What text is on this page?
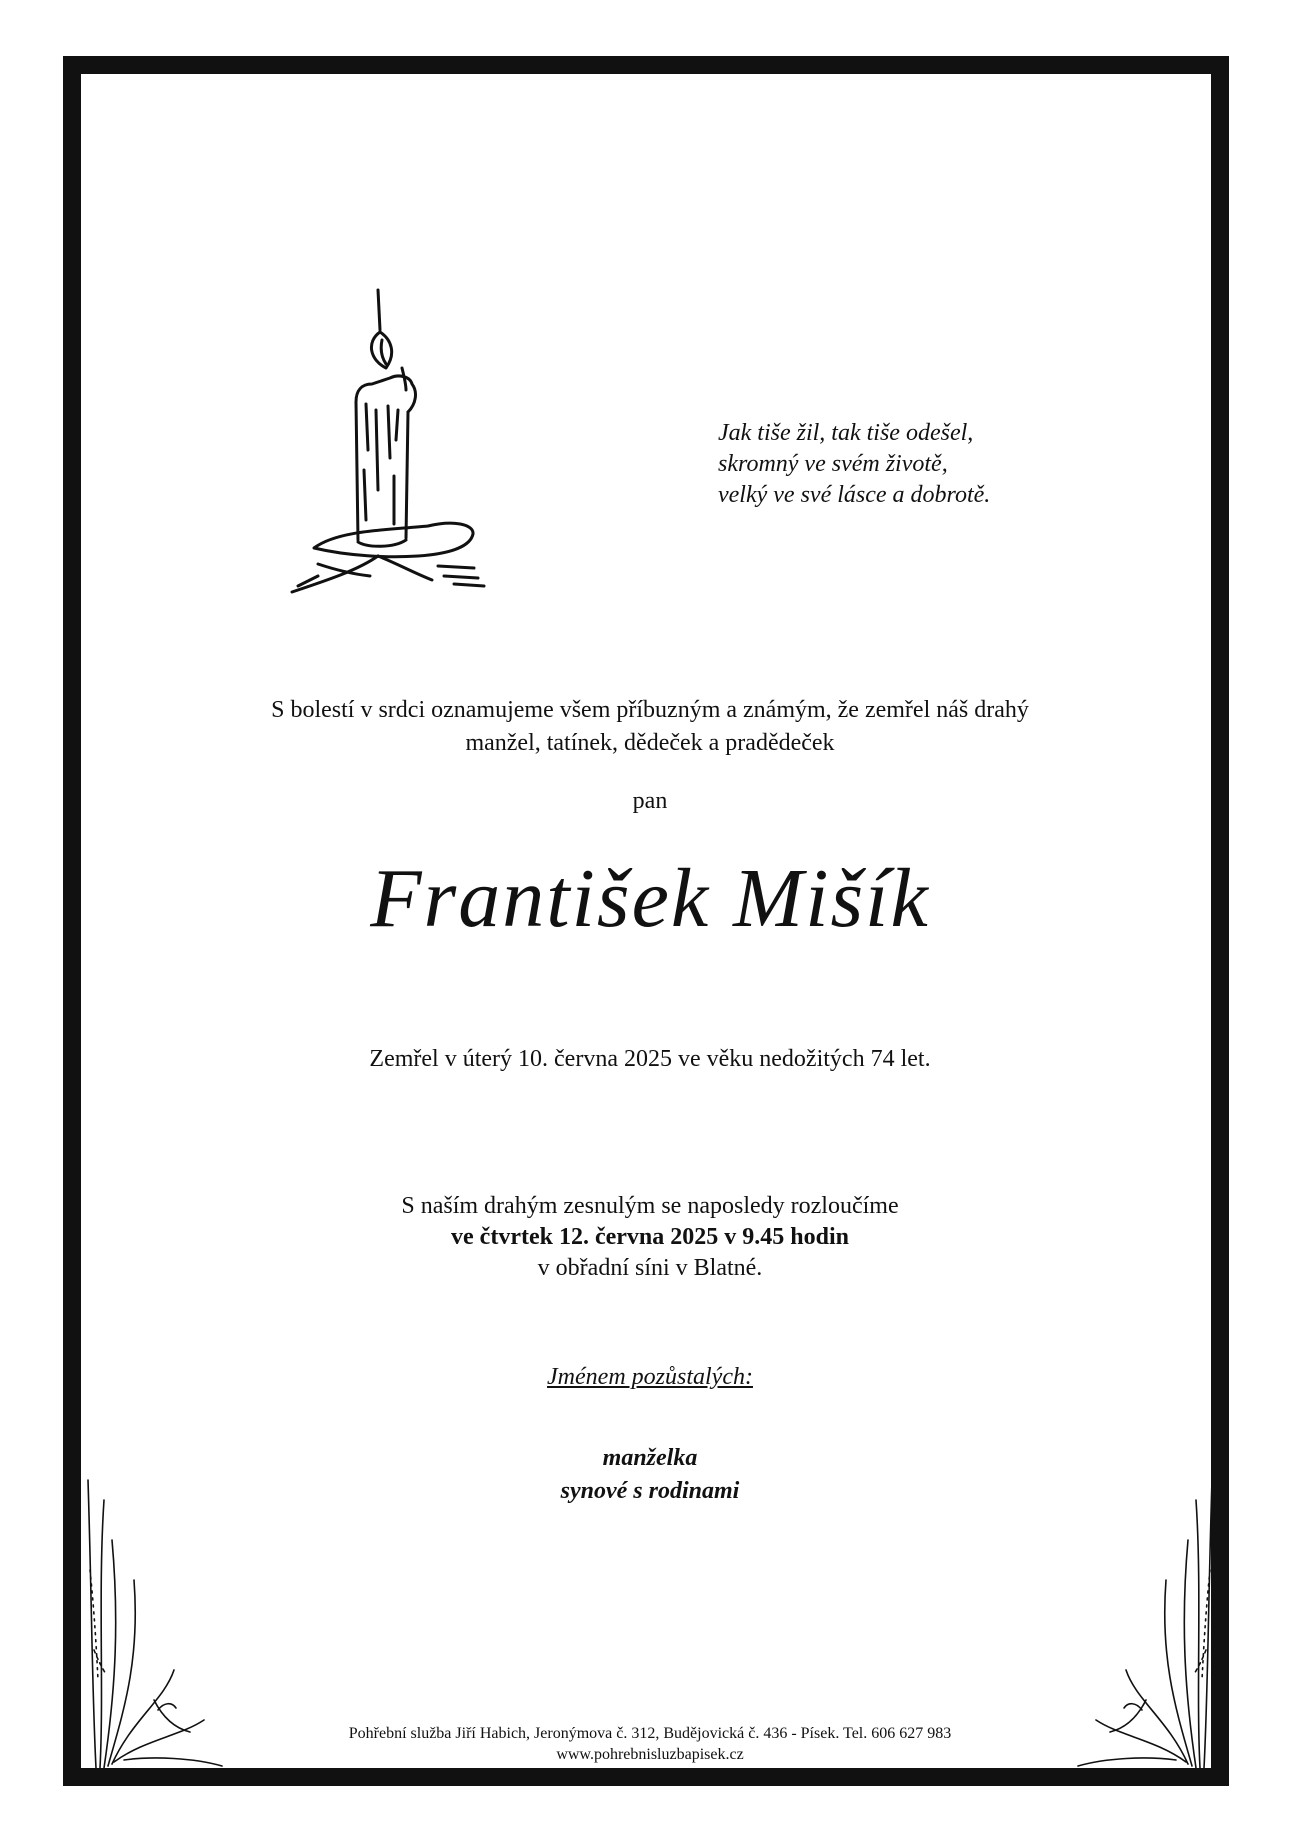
Jak tiše žil, tak tiše odešel,
skromný ve svém životě,
velký ve své lásce a dobrotě.
S bolestí v srdci oznamujeme všem příbuzným a známým, že zemřel náš drahý
manžel, tatínek, dědeček a pradědeček
pan
František Mišík
Zemřel v úterý 10. června 2025 ve věku nedožitých 74 let.
S naším drahým zesnulým se naposledy rozloučíme
ve čtvrtek 12. června 2025 v 9.45 hodin
v obřadní síni v Blatné.
Jménem pozůstalých:
manželka
synové s rodinami
Pohřební služba Jiří Habich, Jeronýmova č. 312, Budějovická č. 436 - Písek. Tel. 606 627 983
www.pohrebnisluzbapisek.cz
